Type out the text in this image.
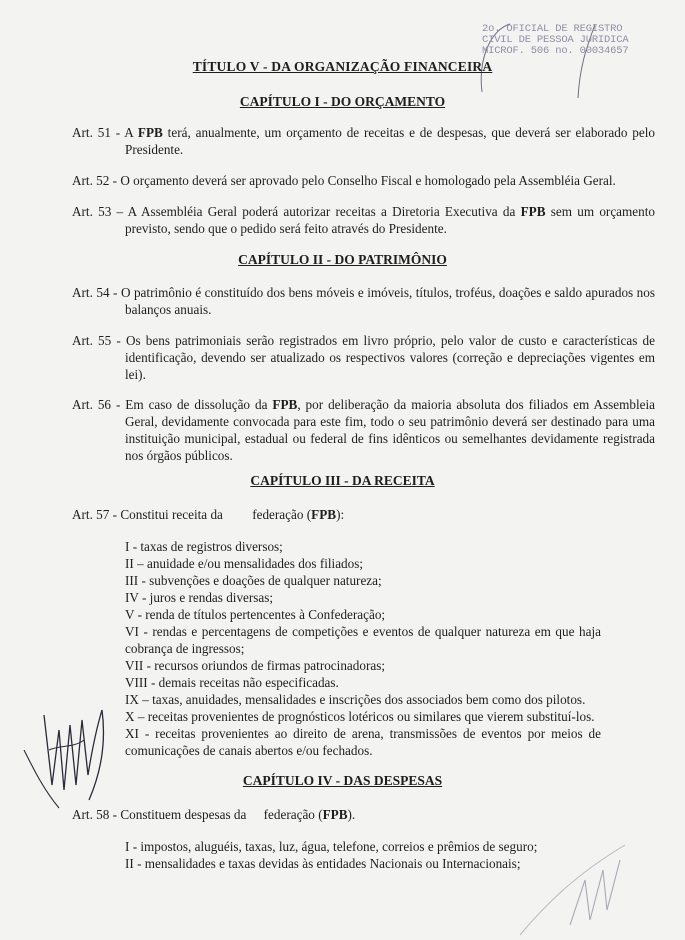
2o. OFICIAL DE REGISTRO
CIVIL DE PESSOA JURIDICA
MICROF. 506 no. 00034657
TÍTULO V - DA ORGANIZAÇÃO FINANCEIRA
CAPÍTULO I - DO ORÇAMENTO
Art. 51 - A FPB terá, anualmente, um orçamento de receitas e de despesas, que deverá ser elaborado pelo Presidente.
Art. 52 - O orçamento deverá ser aprovado pelo Conselho Fiscal e homologado pela Assembléia Geral.
Art. 53 – A Assembléia Geral poderá autorizar receitas a Diretoria Executiva da FPB sem um orçamento previsto, sendo que o pedido será feito através do Presidente.
CAPÍTULO II - DO PATRIMÔNIO
Art. 54 - O patrimônio é constituído dos bens móveis e imóveis, títulos, troféus, doações e saldo apurados nos balanços anuais.
Art. 55 - Os bens patrimoniais serão registrados em livro próprio, pelo valor de custo e características de identificação, devendo ser atualizado os respectivos valores (correção e depreciações vigentes em lei).
Art. 56 - Em caso de dissolução da FPB, por deliberação da maioria absoluta dos filiados em Assembleia Geral, devidamente convocada para este fim, todo o seu patrimônio deverá ser destinado para uma instituição municipal, estadual ou federal de fins idênticos ou semelhantes devidamente registrada nos órgãos públicos.
CAPÍTULO III - DA RECEITA
Art. 57 - Constitui receita da federação (FPB):
I - taxas de registros diversos;
II – anuidade e/ou mensalidades dos filiados;
III - subvenções e doações de qualquer natureza;
IV - juros e rendas diversas;
V - renda de títulos pertencentes à Confederação;
VI - rendas e percentagens de competições e eventos de qualquer natureza em que haja cobrança de ingressos;
VII - recursos oriundos de firmas patrocinadoras;
VIII - demais receitas não especificadas.
IX – taxas, anuidades, mensalidades e inscrições dos associados bem como dos pilotos.
X – receitas provenientes de prognósticos lotéricos ou similares que vierem substituí-los.
XI - receitas provenientes ao direito de arena, transmissões de eventos por meios de comunicações de canais abertos e/ou fechados.
CAPÍTULO IV - DAS DESPESAS
Art. 58 - Constituem despesas da federação (FPB).
I - impostos, aluguéis, taxas, luz, água, telefone, correios e prêmios de seguro;
II - mensalidades e taxas devidas às entidades Nacionais ou Internacionais;
